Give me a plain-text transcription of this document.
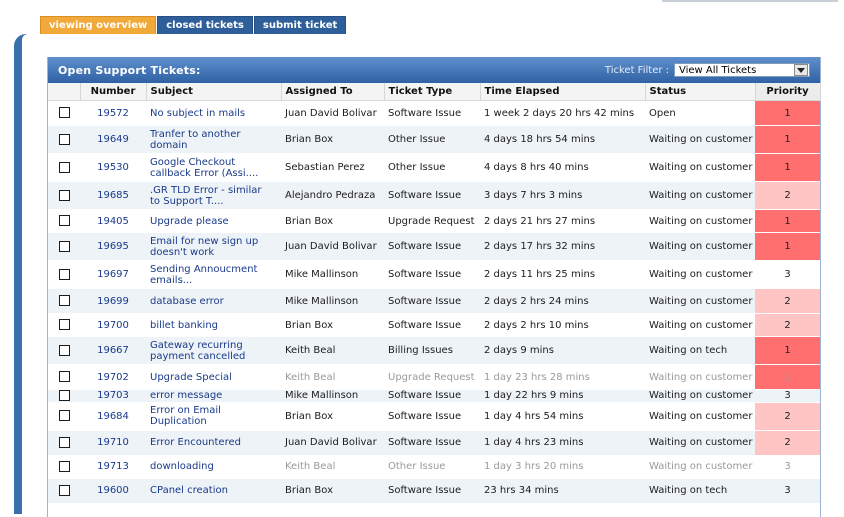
viewing overview	closed tickets	submit ticket
Open Support Tickets:	Ticket Filter : View All Tickets
	Number	Subject	Assigned To	Ticket Type	Time Elapsed	Status	Priority
	19572	No subject in mails	Juan David Bolivar	Software Issue	1 week 2 days 20 hrs 42 mins	Open	1
	19649	Tranfer to another
domain	Brian Box	Other Issue	4 days 18 hrs 54 mins	Waiting on customer	1
	19530	Google Checkout
callback Error (Assi....	Sebastian Perez	Other Issue	4 days 8 hrs 40 mins	Waiting on customer	1
	19685	.GR TLD Error - similar
to Support T....	Alejandro Pedraza	Software Issue	3 days 7 hrs 3 mins	Waiting on customer	2
	19405	Upgrade please	Brian Box	Upgrade Request	2 days 21 hrs 27 mins	Waiting on customer	1
	19695	Email for new sign up
doesn't work	Juan David Bolivar	Software Issue	2 days 17 hrs 32 mins	Waiting on customer	1
	19697	Sending Annoucment
emails...	Mike Mallinson	Software Issue	2 days 11 hrs 25 mins	Waiting on customer	3
	19699	database error	Mike Mallinson	Software Issue	2 days 2 hrs 24 mins	Waiting on customer	2
	19700	billet banking	Brian Box	Software Issue	2 days 2 hrs 10 mins	Waiting on customer	2
	19667	Gateway recurring
payment cancelled	Keith Beal	Billing Issues	2 days 9 mins	Waiting on tech	1
	19702	Upgrade Special	Keith Beal	Upgrade Request	1 day 23 hrs 28 mins	Waiting on customer	1
	19703	error message	Mike Mallinson	Software Issue	1 day 22 hrs 9 mins	Waiting on customer	3
	19684	Error on Email
Duplication	Brian Box	Software Issue	1 day 4 hrs 54 mins	Waiting on customer	2
	19710	Error Encountered	Juan David Bolivar	Software Issue	1 day 4 hrs 23 mins	Waiting on customer	2
	19713	downloading	Keith Beal	Other Issue	1 day 3 hrs 20 mins	Waiting on customer	3
	19600	CPanel creation	Brian Box	Software Issue	23 hrs 34 mins	Waiting on tech	3
